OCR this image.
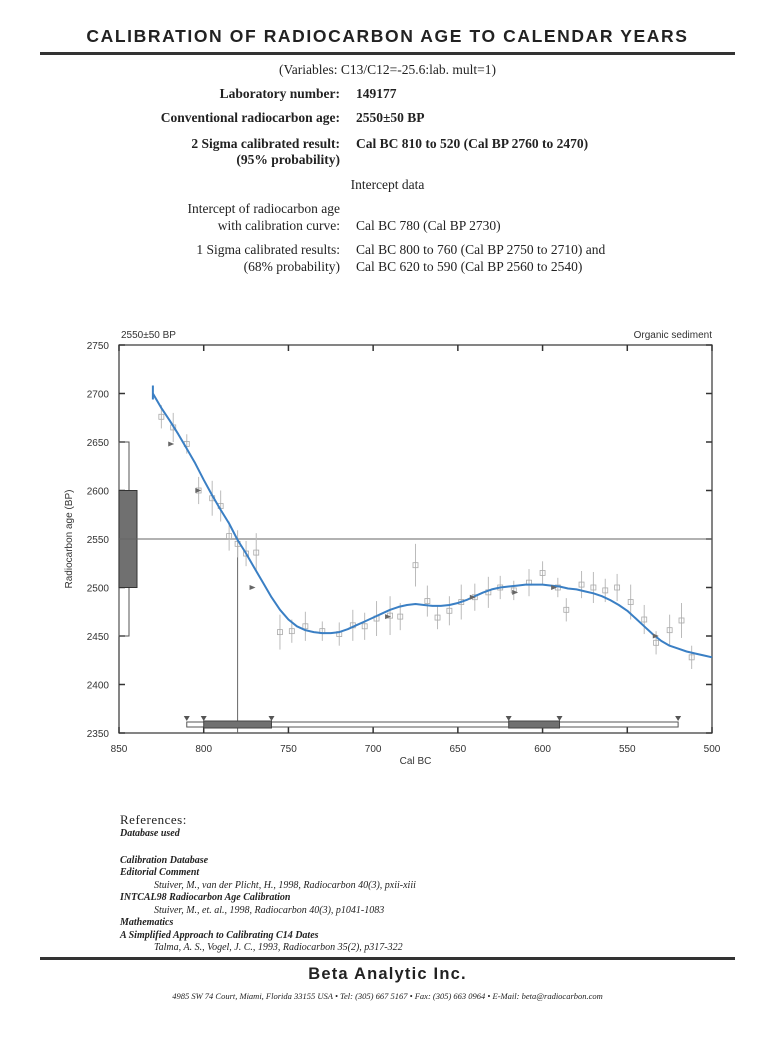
CALIBRATION OF RADIOCARBON AGE TO CALENDAR YEARS
(Variables: C13/C12=-25.6:lab. mult=1)
Laboratory number: 149177
Conventional radiocarbon age: 2550±50 BP
2 Sigma calibrated result: Cal BC 810 to 520 (Cal BP 2760 to 2470)
(95% probability)
Intercept data
Intercept of radiocarbon age
with calibration curve: Cal BC 780 (Cal BP 2730)
1 Sigma calibrated results: Cal BC 800 to 760 (Cal BP 2750 to 2710) and
(68% probability) Cal BC 620 to 590 (Cal BP 2560 to 2540)
850	800	750	700	650	600	550	500
2750
2700
2650
2600
2550
2500
2450
2400
2350
2550±50 BP	Organic sediment
Cal BC
Radiocarbon age (BP)
References:
Database used
Calibration Database
Editorial Comment
Stuiver, M., van der Plicht, H., 1998, Radiocarbon 40(3), pxii-xiii
INTCAL98 Radiocarbon Age Calibration
Stuiver, M., et. al., 1998, Radiocarbon 40(3), p1041-1083
Mathematics
A Simplified Approach to Calibrating C14 Dates
Talma, A. S., Vogel, J. C., 1993, Radiocarbon 35(2), p317-322
Beta Analytic Inc.
4985 SW 74 Court, Miami, Florida 33155 USA • Tel: (305) 667 5167 • Fax: (305) 663 0964 • E-Mail: beta@radiocarbon.com
